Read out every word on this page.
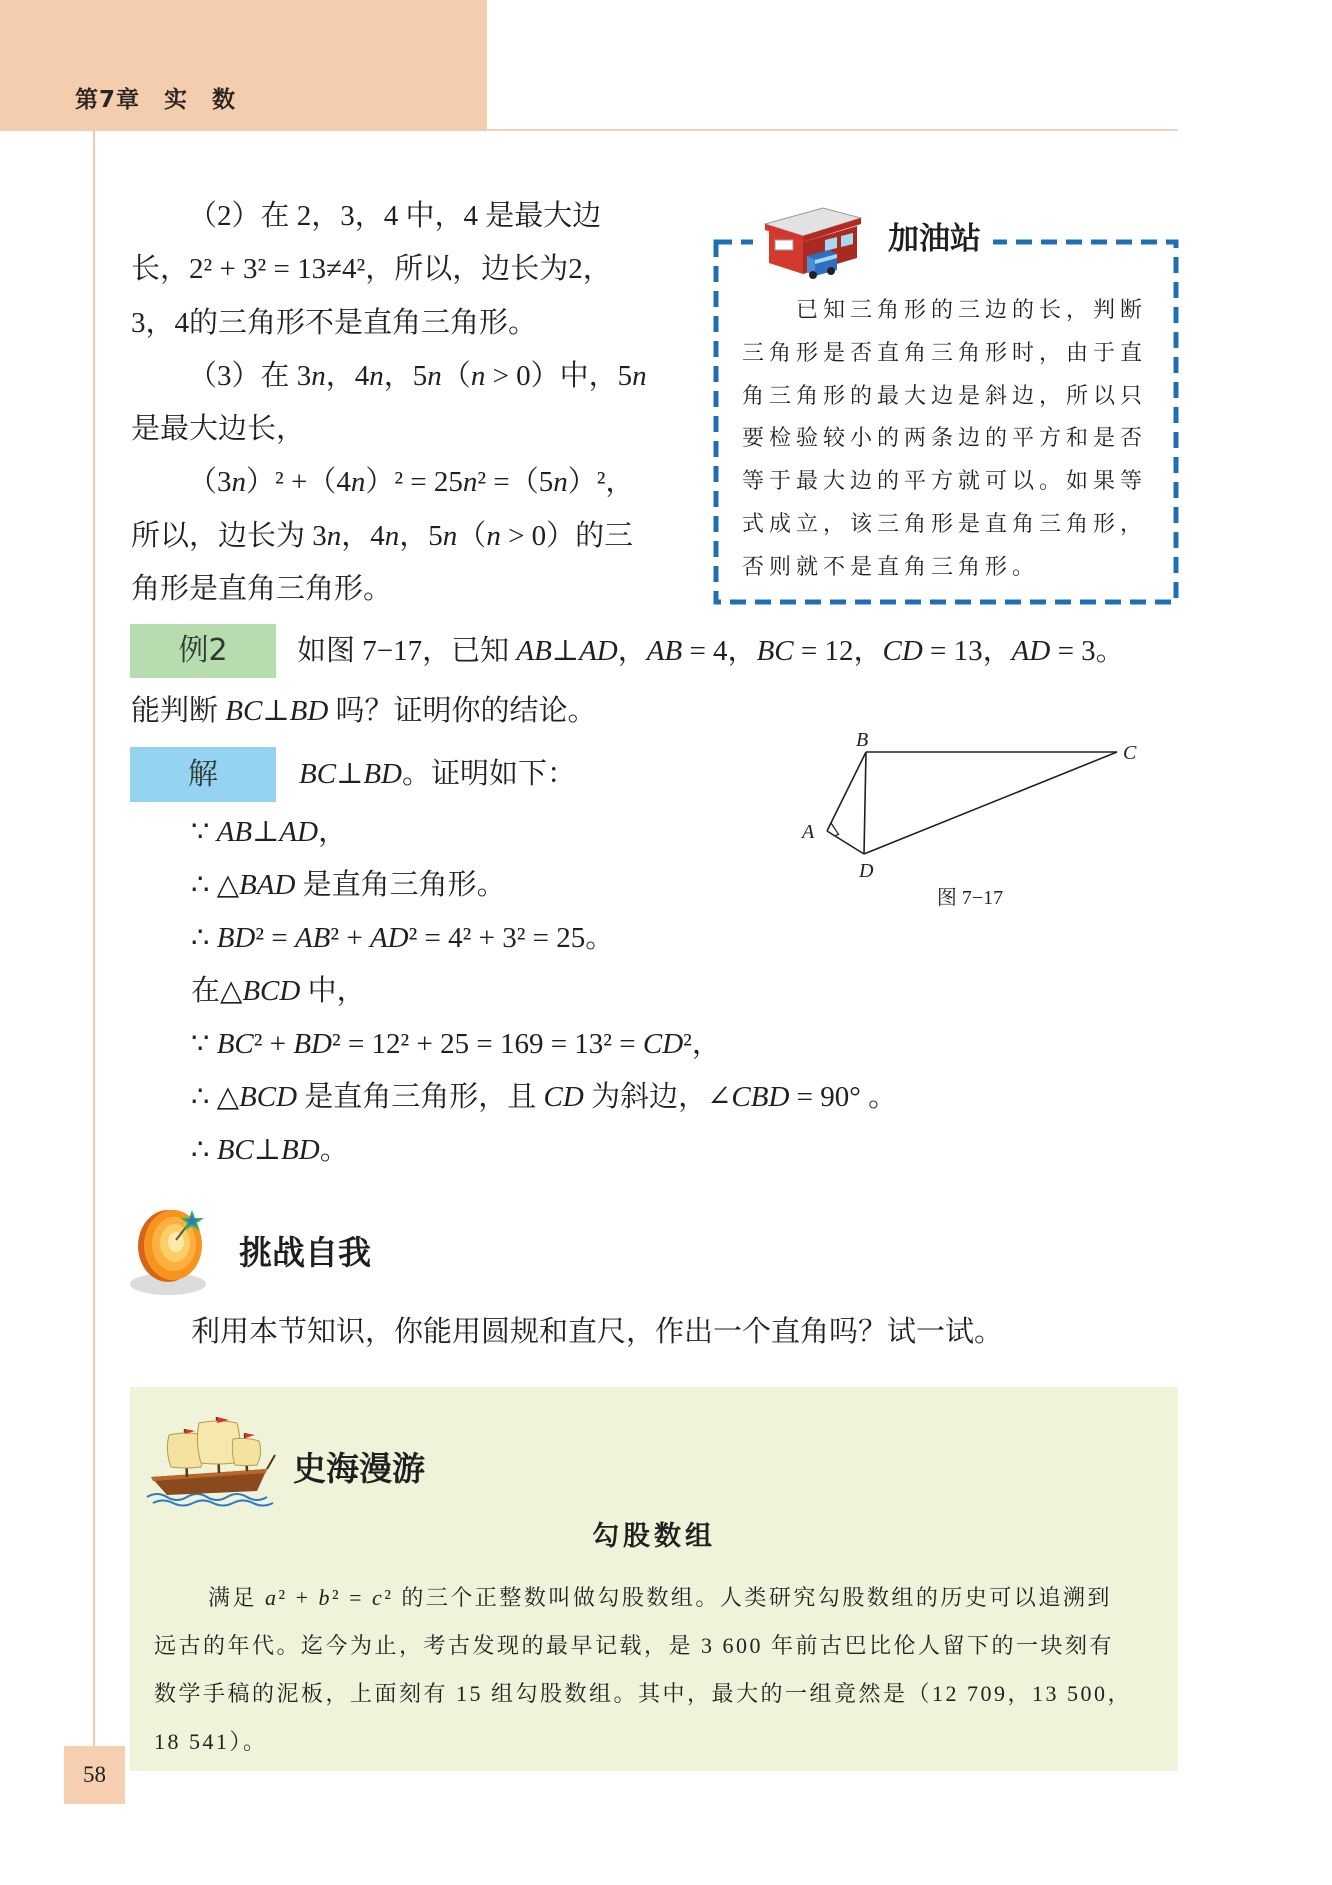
第7章　实　数
（2）在 2，3，4 中，4 是最大边
长，2² + 3² = 13≠4²，所以，边长为2，
3，4的三角形不是直角三角形。
（3）在 3n，4n，5n（n > 0）中，5n
是最大边长，
（3n）² +（4n）² = 25n² =（5n）²，
所以，边长为 3n，4n，5n（n > 0）的三
角形是直角三角形。
加油站
已知三角形的三边的长，判断
三角形是否直角三角形时，由于直
角三角形的最大边是斜边，所以只
要检验较小的两条边的平方和是否
等于最大边的平方就可以。如果等
式成立，该三角形是直角三角形，
否则就不是直角三角形。
例2	如图 7−17，已知 AB⊥AD，AB = 4，BC = 12，CD = 13，AD = 3。
能判断 BC⊥BD 吗？证明你的结论。
解	BC⊥BD。证明如下：
∵ AB⊥AD，
∴ △BAD 是直角三角形。
∴ BD² = AB² + AD² = 4² + 3² = 25。
在△BCD 中，
∵ BC² + BD² = 12² + 25 = 169 = 13² = CD²，
∴ △BCD 是直角三角形，且 CD 为斜边，∠CBD = 90° 。
∴ BC⊥BD。
B
C
A
D
图 7−17
挑战自我
利用本节知识，你能用圆规和直尺，作出一个直角吗？试一试。
史海漫游
勾股数组
满足 a² + b² = c² 的三个正整数叫做勾股数组。人类研究勾股数组的历史可以追溯到
远古的年代。迄今为止，考古发现的最早记载，是 3 600 年前古巴比伦人留下的一块刻有
数学手稿的泥板，上面刻有 15 组勾股数组。其中，最大的一组竟然是（12 709，13 500，
18 541）。
58
